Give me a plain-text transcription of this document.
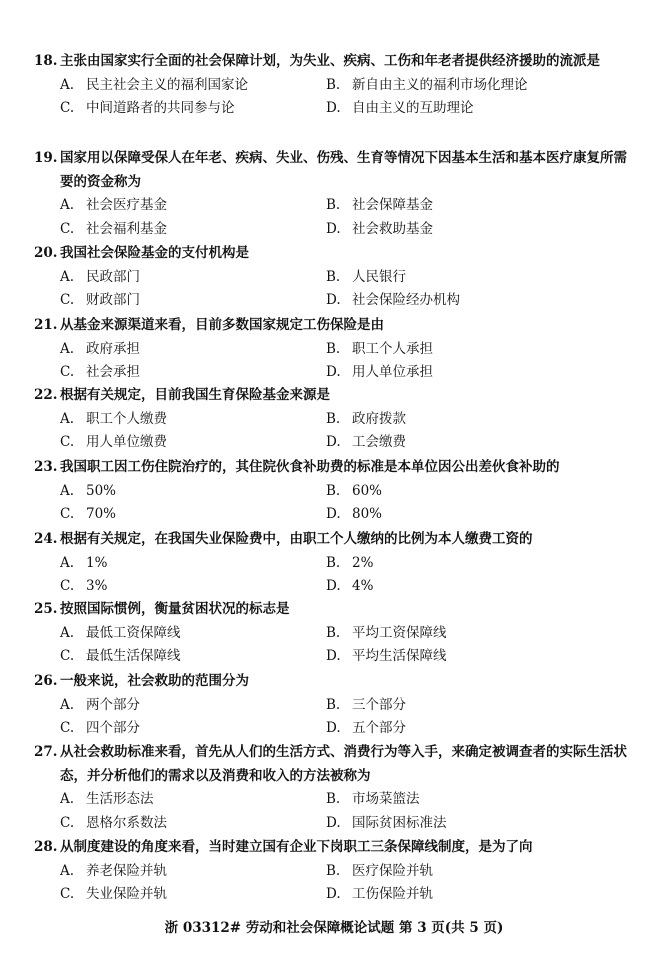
18. 主张由国家实行全面的社会保障计划，为失业、疾病、工伤和年老者提供经济援助的流派是
A. 民主社会主义的福利国家论	B. 新自由主义的福利市场化理论
C. 中间道路者的共同参与论	D. 自由主义的互助理论
19. 国家用以保障受保人在年老、疾病、失业、伤残、生育等情况下因基本生活和基本医疗康复所需要的资金称为
A. 社会医疗基金	B. 社会保障基金
C. 社会福利基金	D. 社会救助基金
20. 我国社会保险基金的支付机构是
A. 民政部门	B. 人民银行
C. 财政部门	D. 社会保险经办机构
21. 从基金来源渠道来看，目前多数国家规定工伤保险是由
A. 政府承担	B. 职工个人承担
C. 社会承担	D. 用人单位承担
22. 根据有关规定，目前我国生育保险基金来源是
A. 职工个人缴费	B. 政府拨款
C. 用人单位缴费	D. 工会缴费
23. 我国职工因工伤住院治疗的，其住院伙食补助费的标准是本单位因公出差伙食补助的
A. 50%	B. 60%
C. 70%	D. 80%
24. 根据有关规定，在我国失业保险费中，由职工个人缴纳的比例为本人缴费工资的
A. 1%	B. 2%
C. 3%	D. 4%
25. 按照国际惯例，衡量贫困状况的标志是
A. 最低工资保障线	B. 平均工资保障线
C. 最低生活保障线	D. 平均生活保障线
26. 一般来说，社会救助的范围分为
A. 两个部分	B. 三个部分
C. 四个部分	D. 五个部分
27. 从社会救助标准来看，首先从人们的生活方式、消费行为等入手，来确定被调查者的实际生活状态，并分析他们的需求以及消费和收入的方法被称为
A. 生活形态法	B. 市场菜篮法
C. 恩格尔系数法	D. 国际贫困标准法
28. 从制度建设的角度来看，当时建立国有企业下岗职工三条保障线制度，是为了向
A. 养老保险并轨	B. 医疗保险并轨
C. 失业保险并轨	D. 工伤保险并轨
浙 03312# 劳动和社会保障概论试题 第 3 页(共 5 页)
